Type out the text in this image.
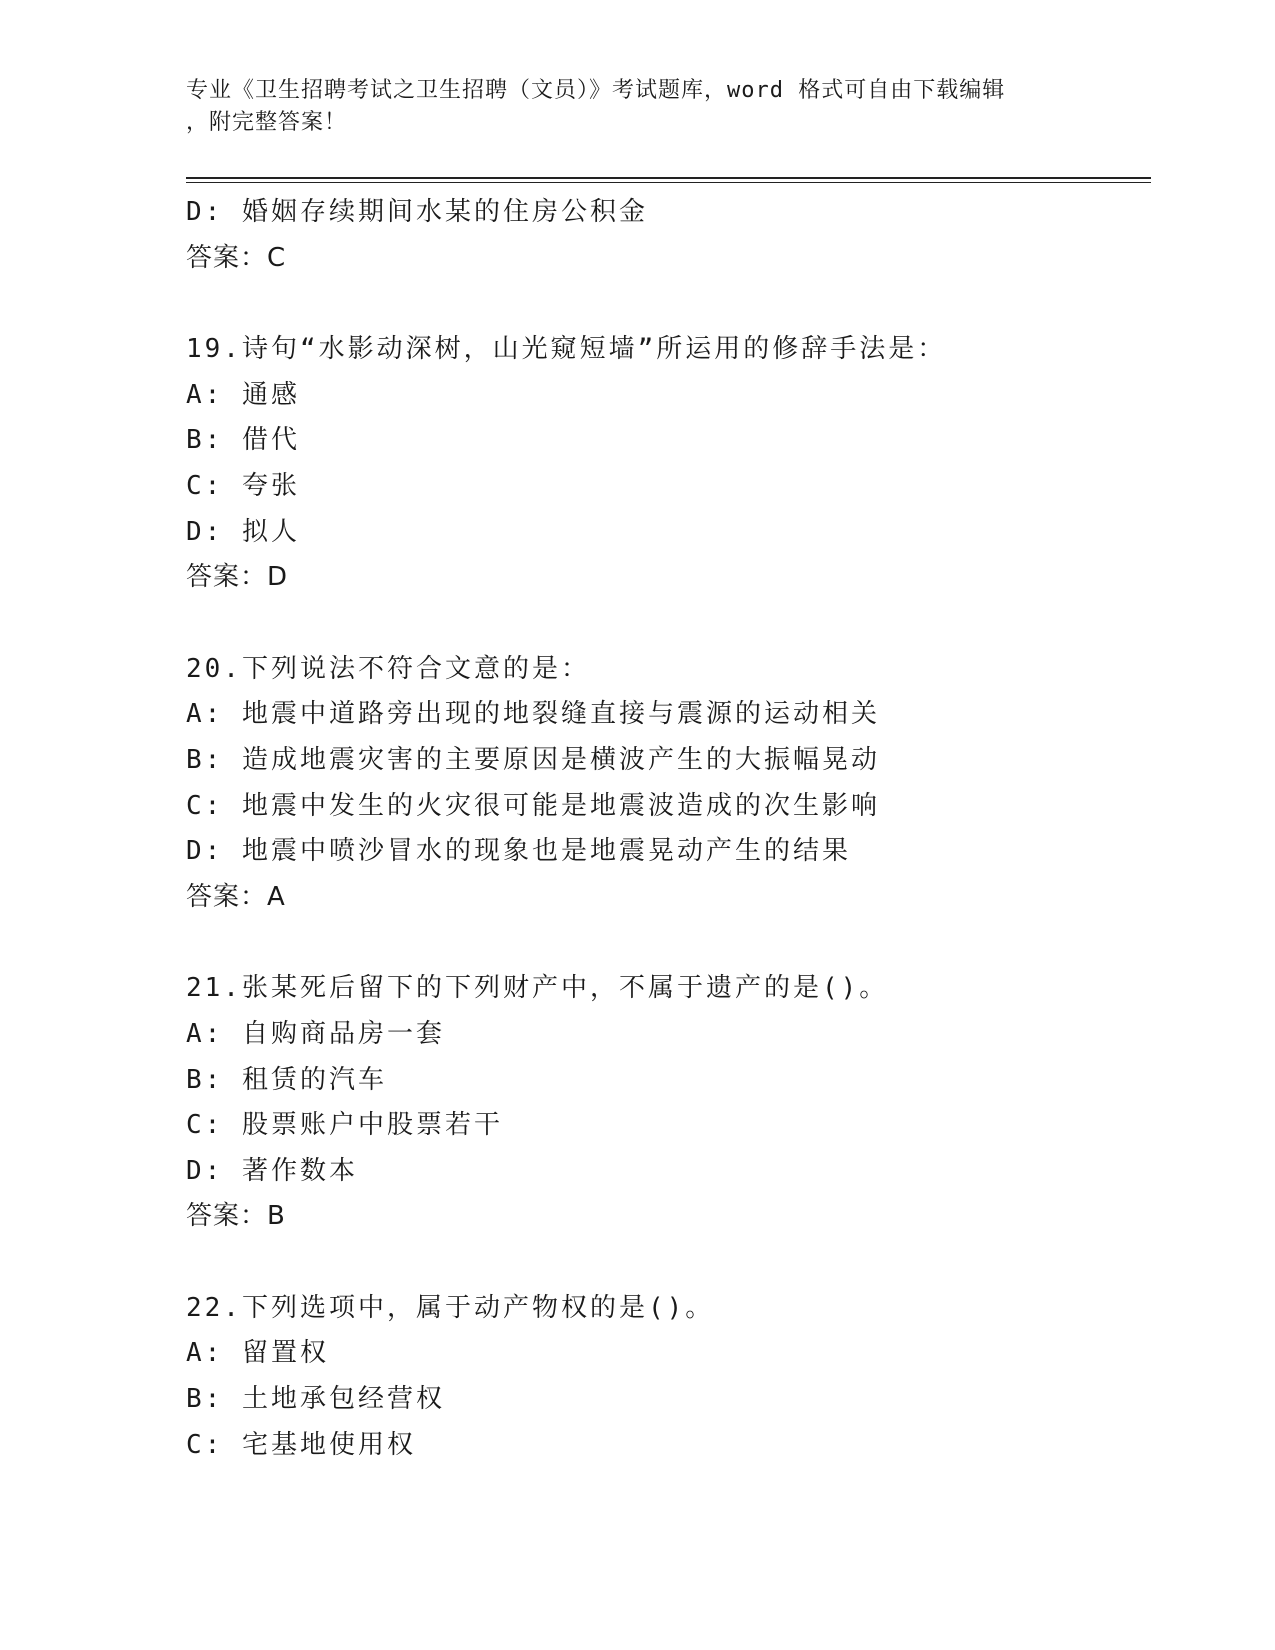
专业《卫生招聘考试之卫生招聘（文员）》考试题库，word 格式可自由下载编辑
，附完整答案！
D: 婚姻存续期间水某的住房公积金
答案：C
19.诗句“水影动深树，山光窥短墙”所运用的修辞手法是：
A: 通感
B: 借代
C: 夸张
D: 拟人
答案：D
20.下列说法不符合文意的是：
A: 地震中道路旁出现的地裂缝直接与震源的运动相关
B: 造成地震灾害的主要原因是横波产生的大振幅晃动
C: 地震中发生的火灾很可能是地震波造成的次生影响
D: 地震中喷沙冒水的现象也是地震晃动产生的结果
答案：A
21.张某死后留下的下列财产中，不属于遗产的是()。
A: 自购商品房一套
B: 租赁的汽车
C: 股票账户中股票若干
D: 著作数本
答案：B
22.下列选项中，属于动产物权的是()。
A: 留置权
B: 土地承包经营权
C: 宅基地使用权
